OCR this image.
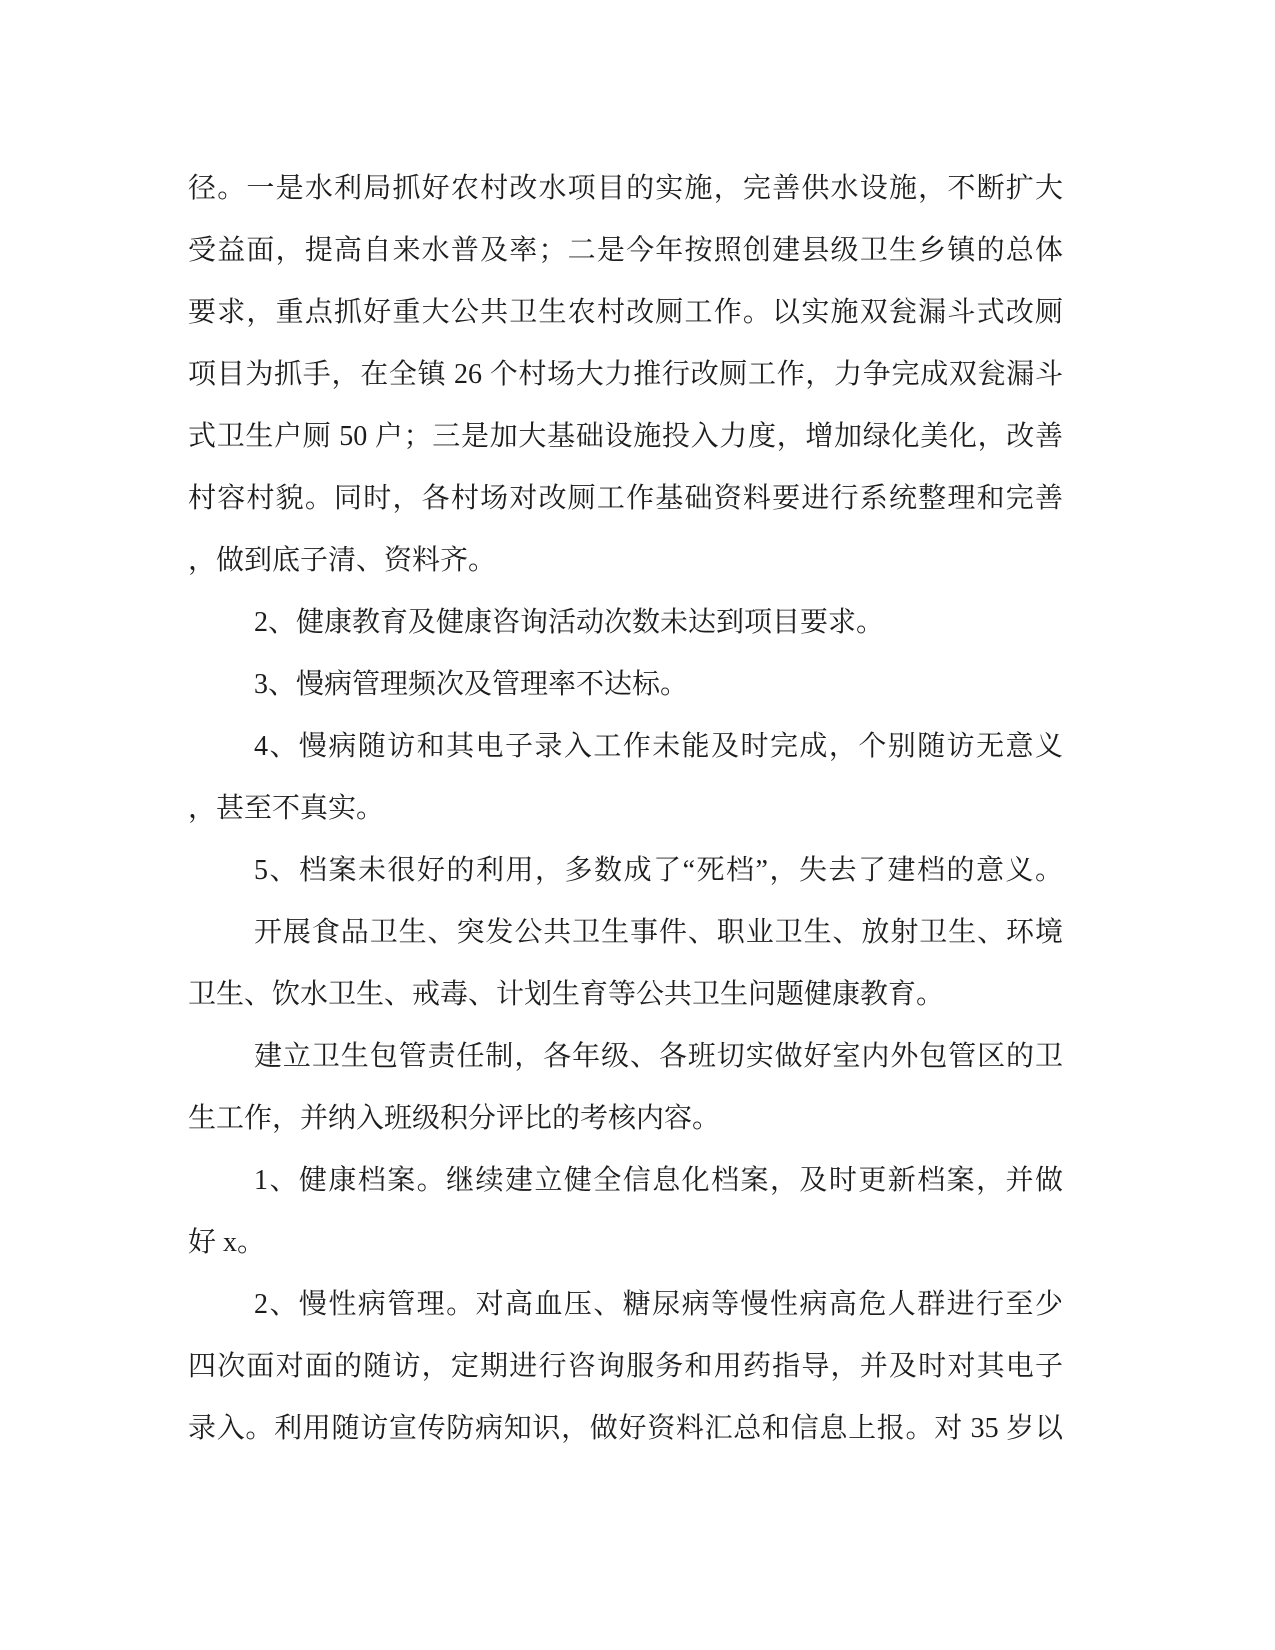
径。一是水利局抓好农村改水项目的实施，完善供水设施，不断扩大
受益面，提高自来水普及率；二是今年按照创建县级卫生乡镇的总体
要求，重点抓好重大公共卫生农村改厕工作。以实施双瓮漏斗式改厕
项目为抓手，在全镇 26 个村场大力推行改厕工作，力争完成双瓮漏斗
式卫生户厕 50 户；三是加大基础设施投入力度，增加绿化美化，改善
村容村貌。同时，各村场对改厕工作基础资料要进行系统整理和完善
，做到底子清、资料齐。
2、健康教育及健康咨询活动次数未达到项目要求。
3、慢病管理频次及管理率不达标。
4、慢病随访和其电子录入工作未能及时完成，个别随访无意义
，甚至不真实。
5、档案未很好的利用，多数成了“死档”，失去了建档的意义。
开展食品卫生、突发公共卫生事件、职业卫生、放射卫生、环境
卫生、饮水卫生、戒毒、计划生育等公共卫生问题健康教育。
建立卫生包管责任制，各年级、各班切实做好室内外包管区的卫
生工作，并纳入班级积分评比的考核内容。
1、健康档案。继续建立健全信息化档案，及时更新档案，并做
好 x。
2、慢性病管理。对高血压、糖尿病等慢性病高危人群进行至少
四次面对面的随访，定期进行咨询服务和用药指导，并及时对其电子
录入。利用随访宣传防病知识，做好资料汇总和信息上报。对 35 岁以
